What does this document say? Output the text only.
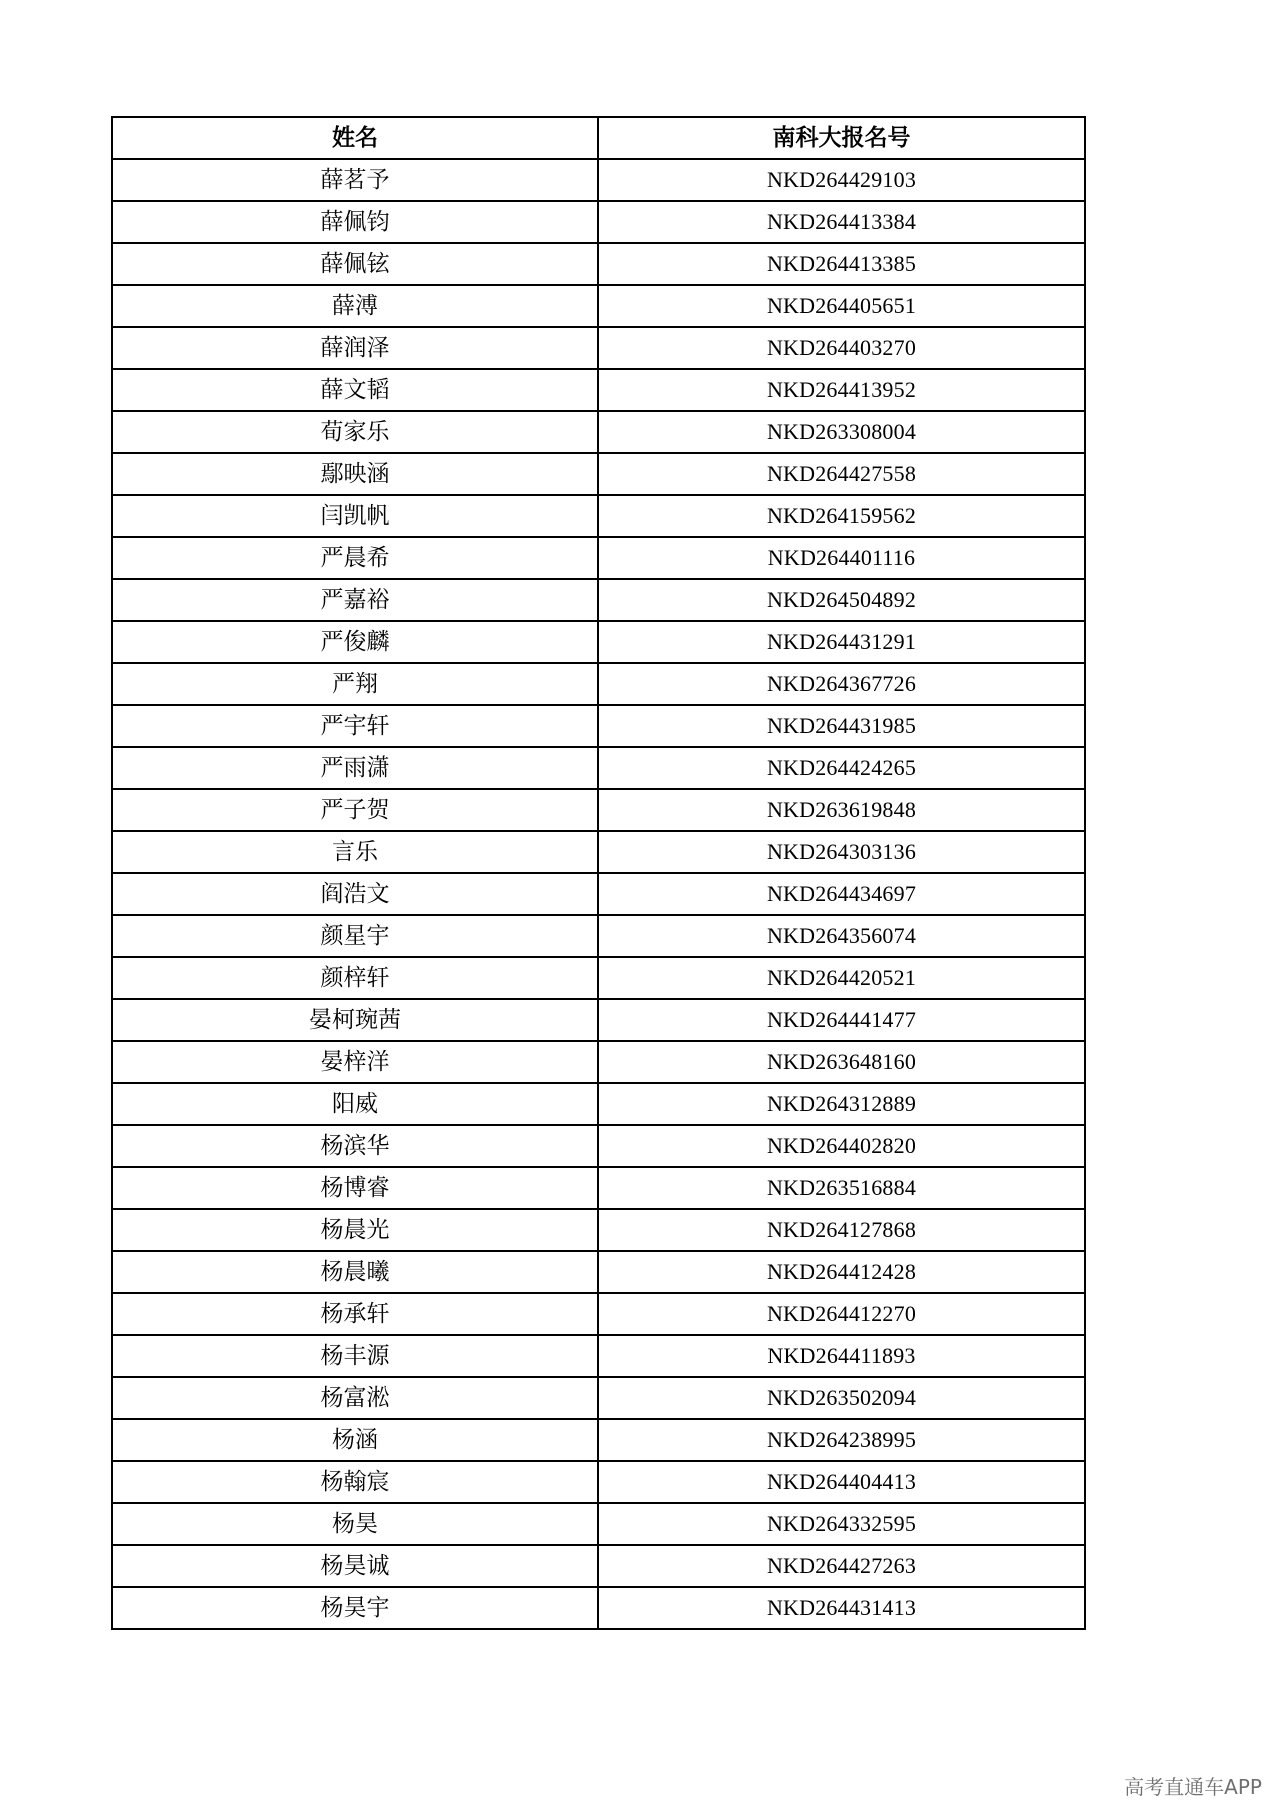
姓名	南科大报名号
薛茗予	NKD264429103
薛佩钧	NKD264413384
薛佩铉	NKD264413385
薛溥	NKD264405651
薛润泽	NKD264403270
薛文韬	NKD264413952
荀家乐	NKD263308004
鄢映涵	NKD264427558
闫凯帆	NKD264159562
严晨希	NKD264401116
严嘉裕	NKD264504892
严俊麟	NKD264431291
严翔	NKD264367726
严宇轩	NKD264431985
严雨潇	NKD264424265
严子贺	NKD263619848
言乐	NKD264303136
阎浩文	NKD264434697
颜星宇	NKD264356074
颜梓轩	NKD264420521
晏柯琬茜	NKD264441477
晏梓洋	NKD263648160
阳威	NKD264312889
杨滨华	NKD264402820
杨博睿	NKD263516884
杨晨光	NKD264127868
杨晨曦	NKD264412428
杨承轩	NKD264412270
杨丰源	NKD264411893
杨富淞	NKD263502094
杨涵	NKD264238995
杨翰宸	NKD264404413
杨昊	NKD264332595
杨昊诚	NKD264427263
杨昊宇	NKD264431413
高考直通车APP
